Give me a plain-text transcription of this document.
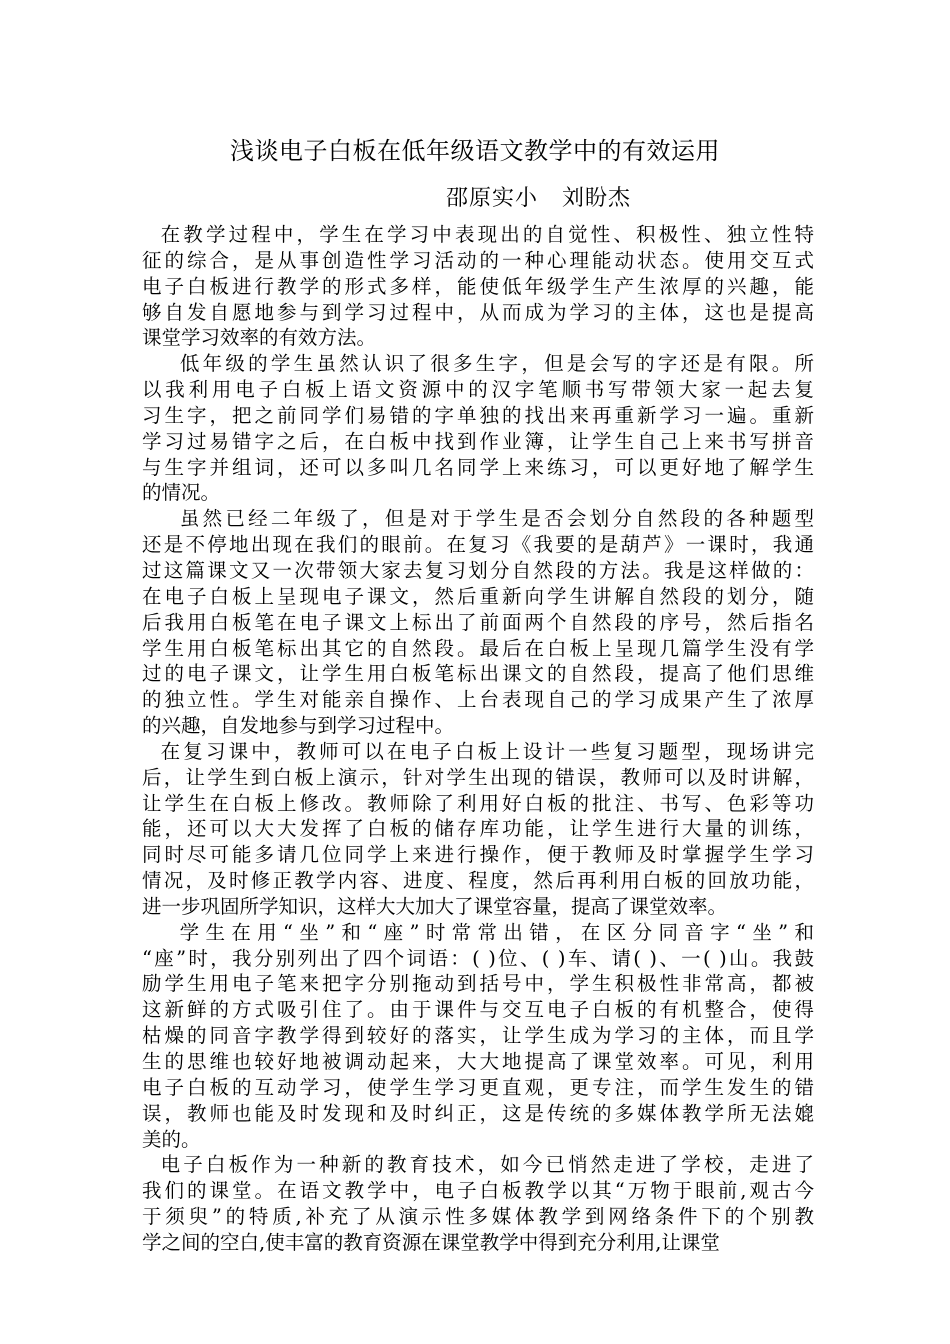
浅谈电子白板在低年级语文教学中的有效运用
邵原实小   刘盼杰
在教学过程中，学生在学习中表现出的自觉性、积极性、独立性特
征的综合，是从事创造性学习活动的一种心理能动状态。使用交互式
电子白板进行教学的形式多样，能使低年级学生产生浓厚的兴趣，能
够自发自愿地参与到学习过程中，从而成为学习的主体，这也是提高
课堂学习效率的有效方法。
低年级的学生虽然认识了很多生字，但是会写的字还是有限。所
以我利用电子白板上语文资源中的汉字笔顺书写带领大家一起去复
习生字，把之前同学们易错的字单独的找出来再重新学习一遍。重新
学习过易错字之后，在白板中找到作业簿，让学生自己上来书写拼音
与生字并组词，还可以多叫几名同学上来练习，可以更好地了解学生
的情况。
虽然已经二年级了，但是对于学生是否会划分自然段的各种题型
还是不停地出现在我们的眼前。在复习《我要的是葫芦》一课时，我通
过这篇课文又一次带领大家去复习划分自然段的方法。我是这样做的：
在电子白板上呈现电子课文，然后重新向学生讲解自然段的划分，随
后我用白板笔在电子课文上标出了前面两个自然段的序号，然后指名
学生用白板笔标出其它的自然段。最后在白板上呈现几篇学生没有学
过的电子课文，让学生用白板笔标出课文的自然段，提高了他们思维
的独立性。学生对能亲自操作、上台表现自己的学习成果产生了浓厚
的兴趣，自发地参与到学习过程中。
在复习课中，教师可以在电子白板上设计一些复习题型，现场讲完
后，让学生到白板上演示，针对学生出现的错误，教师可以及时讲解，
让学生在白板上修改。教师除了利用好白板的批注、书写、色彩等功
能，还可以大大发挥了白板的储存库功能，让学生进行大量的训练，
同时尽可能多请几位同学上来进行操作，便于教师及时掌握学生学习
情况，及时修正教学内容、进度、程度，然后再利用白板的回放功能，
进一步巩固所学知识，这样大大加大了课堂容量，提高了课堂效率。
学生在用“坐”和“座”时常常出错，在区分同音字“坐”和
“座”时，我分别列出了四个词语：( )位、( )车、请( )、一( )山。我鼓
励学生用电子笔来把字分别拖动到括号中，学生积极性非常高，都被
这新鲜的方式吸引住了。由于课件与交互电子白板的有机整合，使得
枯燥的同音字教学得到较好的落实，让学生成为学习的主体，而且学
生的思维也较好地被调动起来，大大地提高了课堂效率。可见，利用
电子白板的互动学习，使学生学习更直观，更专注，而学生发生的错
误，教师也能及时发现和及时纠正，这是传统的多媒体教学所无法媲
美的。
电子白板作为一种新的教育技术，如今已悄然走进了学校，走进了
我们的课堂。在语文教学中，电子白板教学以其“万物于眼前,观古今
于须臾”的特质,补充了从演示性多媒体教学到网络条件下的个别教
学之间的空白,使丰富的教育资源在课堂教学中得到充分利用,让课堂
